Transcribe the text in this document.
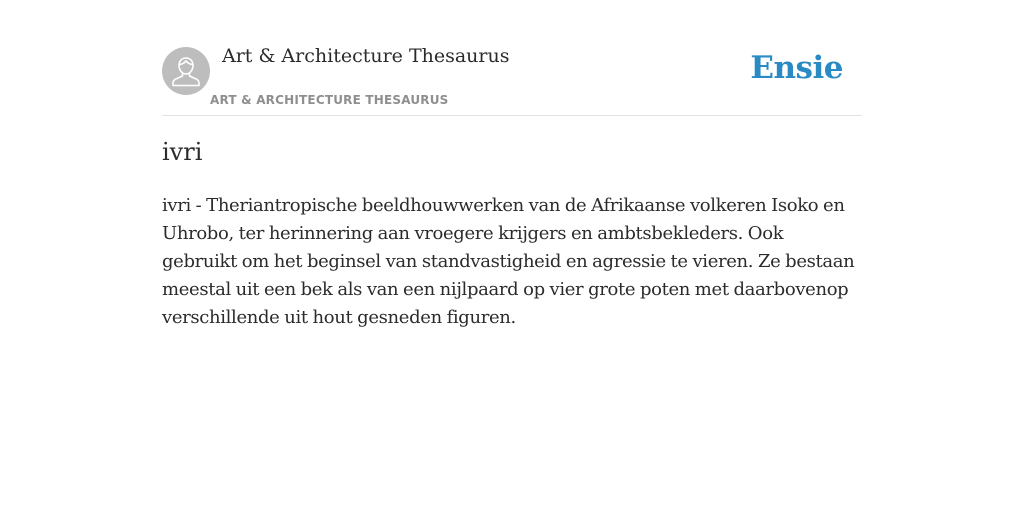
Art & Architecture Thesaurus
ART & ARCHITECTURE THESAURUS
Ensie
ivri

ivri - Theriantropische beeldhouwwerken van de Afrikaanse volkeren Isoko en Uhrobo, ter herinnering aan vroegere krijgers en ambtsbekleders. Ook gebruikt om het beginsel van standvastigheid en agressie te vieren. Ze bestaan meestal uit een bek als van een nijlpaard op vier grote poten met daarbovenop verschillende uit hout gesneden figuren.
